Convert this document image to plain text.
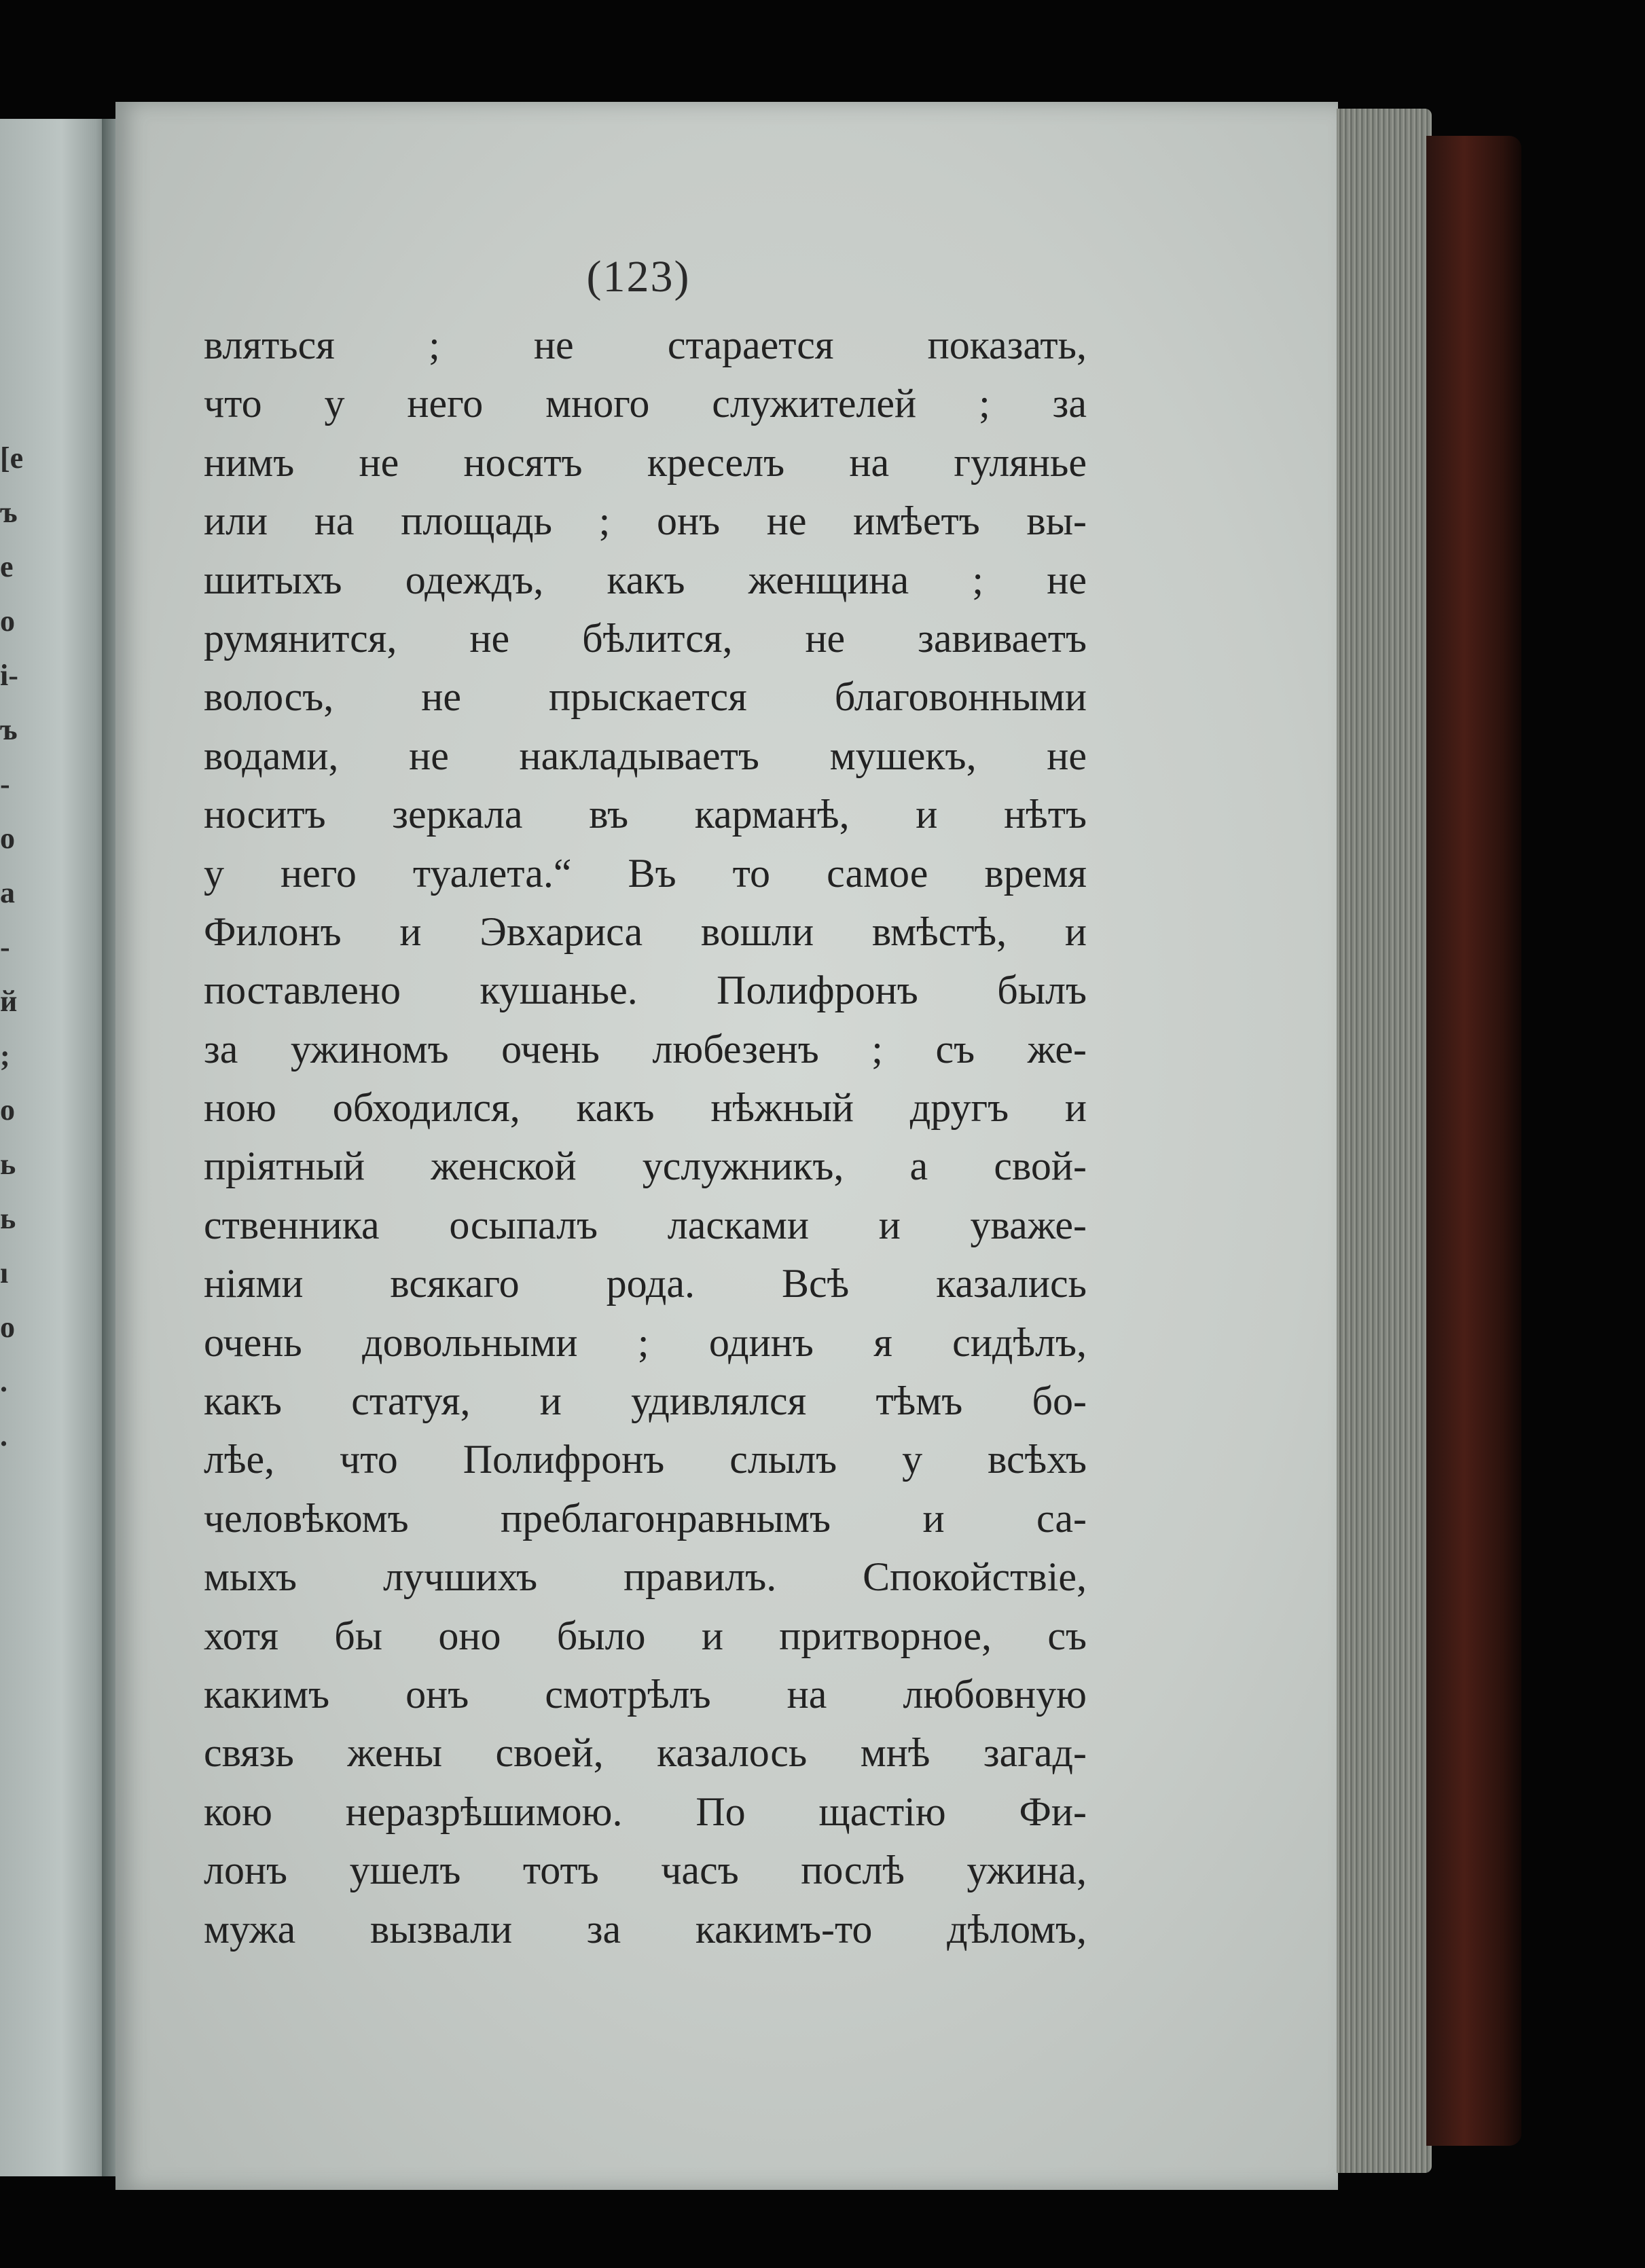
[e
ъ
е
о
і-
ъ
-
о
а
-
й
;
о
ь
ь
ı
о
.
.
(123)
вляться ; не старается показать,
что у него много служителей ; за
нимъ не носятъ креселъ на гулянье
или на площадь ; онъ не имѣетъ вы-
шитыхъ одеждъ, какъ женщина ; не
румянится, не бѣлится, не завиваетъ
волосъ, не прыскается благовонными
водами, не накладываетъ мушекъ, не
носитъ зеркала въ карманѣ, и нѣтъ
у него туалета.“ Въ то самое время
Филонъ и Эвхариса вошли вмѣстѣ, и
поставлено кушанье. Полифронъ былъ
за ужиномъ очень любезенъ ; съ же-
ною обходился, какъ нѣжный другъ и
пріятный женской услужникъ, а свой-
ственника осыпалъ ласками и уваже-
ніями всякаго рода. Всѣ казались
очень довольными ; одинъ я сидѣлъ,
какъ статуя, и удивлялся тѣмъ бо-
лѣе, что Полифронъ слылъ у всѣхъ
человѣкомъ преблагонравнымъ и са-
мыхъ лучшихъ правилъ. Спокойствіе,
хотя бы оно было и притворное, съ
какимъ онъ смотрѣлъ на любовную
связь жены своей, казалось мнѣ загад-
кою неразрѣшимою. По щастію Фи-
лонъ ушелъ тотъ часъ послѣ ужина,
мужа вызвали за какимъ-то дѣломъ,
